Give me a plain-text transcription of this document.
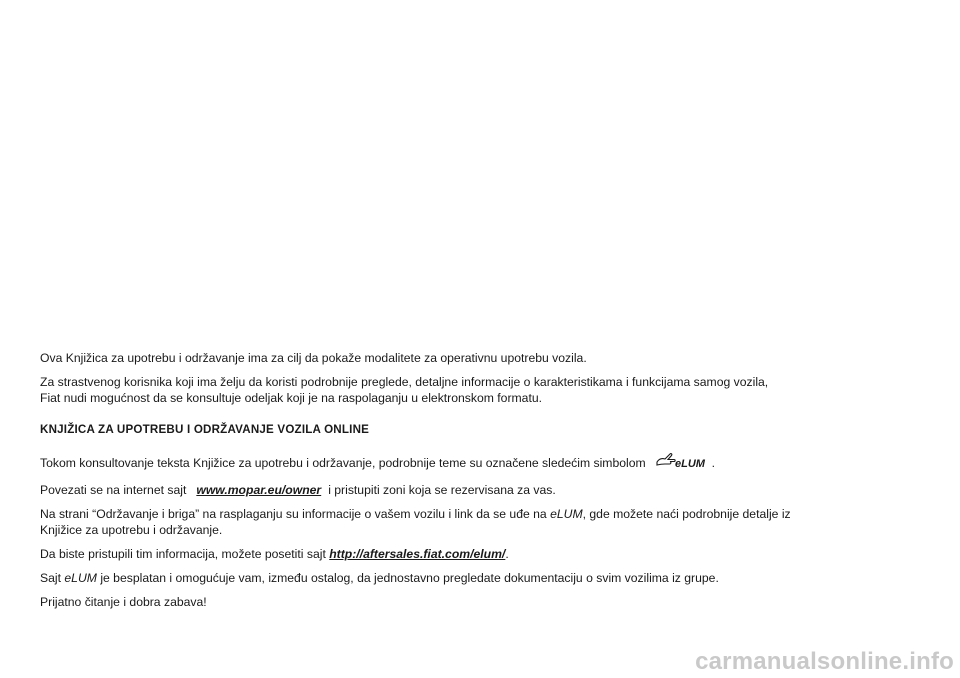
Ova Knjižica za upotrebu i održavanje ima za cilj da pokaže modalitete za operativnu upotrebu vozila.

Za strastvenog korisnika koji ima želju da koristi podrobnije preglede, detaljne informacije o karakteristikama i funkcijama samog vozila,
Fiat nudi mogućnost da se konsultuje odeljak koji je na raspolaganju u elektronskom formatu.

KNJIŽICA ZA UPOTREBU I ODRŽAVANJE VOZILA ONLINE

Tokom konsultovanje teksta Knjižice za upotrebu i održavanje, podrobnije teme su označene sledećim simbolom	eLUM .

Povezati se na internet sajt www.mopar.eu/owner i pristupiti zoni koja se rezervisana za vas.

Na strani “Održavanje i briga” na rasplaganju su informacije o vašem vozilu i link da se uđe na eLUM, gde možete naći podrobnije detalje iz
Knjižice za upotrebu i održavanje.

Da biste pristupili tim informacija, možete posetiti sajt http://aftersales.fiat.com/elum/.

Sajt eLUM je besplatan i omogućuje vam, između ostalog, da jednostavno pregledate dokumentaciju o svim vozilima iz grupe.

Prijatno čitanje i dobra zabava!

carmanualsonline.info
